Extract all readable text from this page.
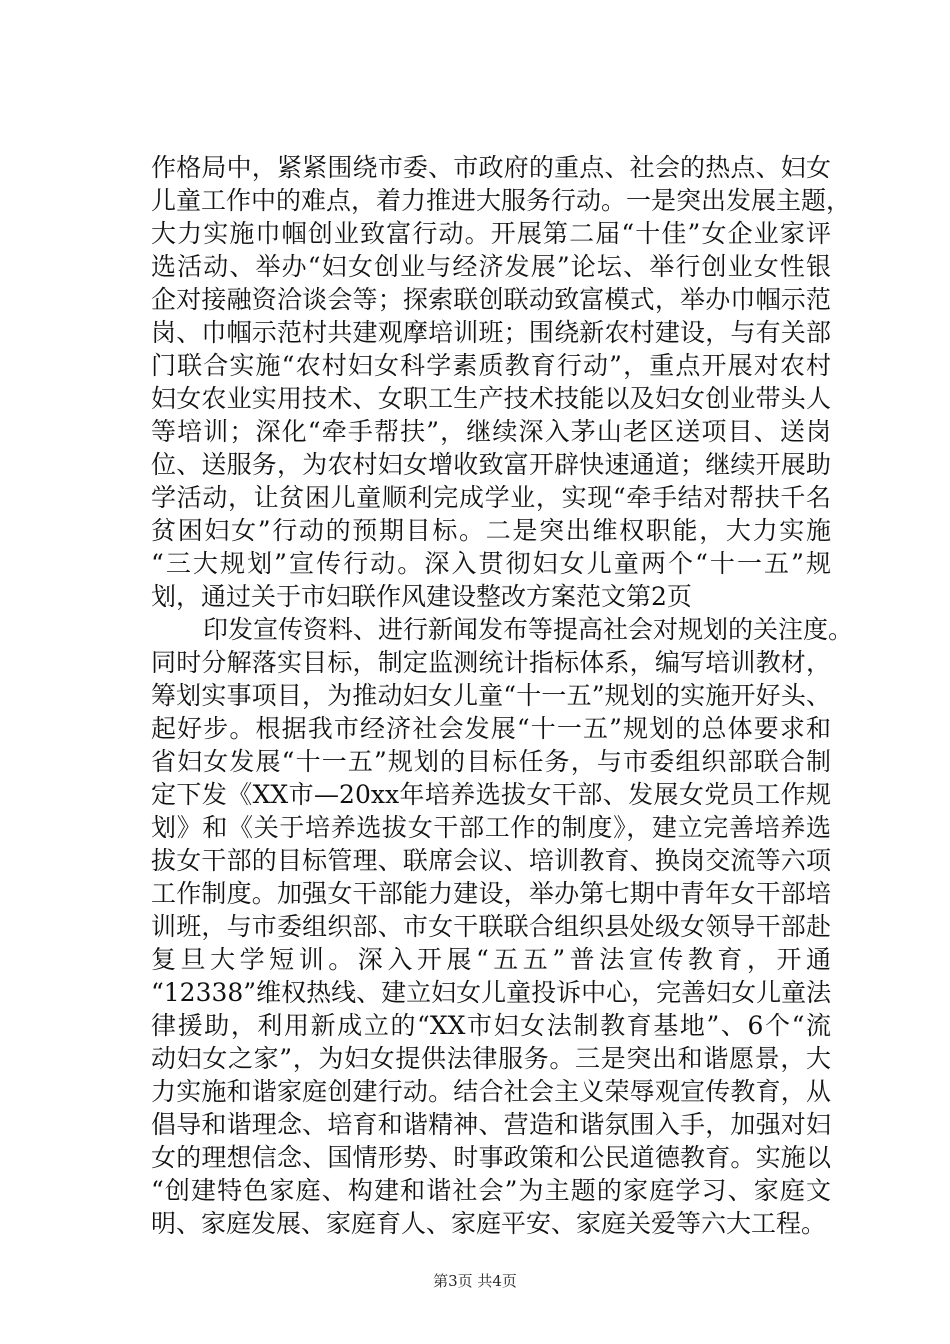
作格局中，紧紧围绕市委、市政府的重点、社会的热点、妇女
儿童工作中的难点，着力推进大服务行动。一是突出发展主题，
大力实施巾帼创业致富行动。开展第二届“十佳”女企业家评
选活动、举办“妇女创业与经济发展”论坛、举行创业女性银
企对接融资洽谈会等；探索联创联动致富模式，举办巾帼示范
岗、巾帼示范村共建观摩培训班；围绕新农村建设，与有关部
门联合实施“农村妇女科学素质教育行动”，重点开展对农村
妇女农业实用技术、女职工生产技术技能以及妇女创业带头人
等培训；深化“牵手帮扶”，继续深入茅山老区送项目、送岗
位、送服务，为农村妇女增收致富开辟快速通道；继续开展助
学活动，让贫困儿童顺利完成学业，实现“牵手结对帮扶千名
贫困妇女”行动的预期目标。二是突出维权职能，大力实施
“三大规划”宣传行动。深入贯彻妇女儿童两个“十一五”规
划，通过关于市妇联作风建设整改方案范文第2页
印发宣传资料、进行新闻发布等提高社会对规划的关注度。
同时分解落实目标，制定监测统计指标体系，编写培训教材，
筹划实事项目，为推动妇女儿童“十一五”规划的实施开好头、
起好步。根据我市经济社会发展“十一五”规划的总体要求和
省妇女发展“十一五”规划的目标任务，与市委组织部联合制
定下发《XX市—20xx年培养选拔女干部、发展女党员工作规
划》和《关于培养选拔女干部工作的制度》，建立完善培养选
拔女干部的目标管理、联席会议、培训教育、换岗交流等六项
工作制度。加强女干部能力建设，举办第七期中青年女干部培
训班，与市委组织部、市女干联联合组织县处级女领导干部赴
复旦大学短训。深入开展“五五”普法宣传教育，开通
“12338”维权热线、建立妇女儿童投诉中心，完善妇女儿童法
律援助，利用新成立的“XX市妇女法制教育基地”、6个“流
动妇女之家”，为妇女提供法律服务。三是突出和谐愿景，大
力实施和谐家庭创建行动。结合社会主义荣辱观宣传教育，从
倡导和谐理念、培育和谐精神、营造和谐氛围入手，加强对妇
女的理想信念、国情形势、时事政策和公民道德教育。实施以
“创建特色家庭、构建和谐社会”为主题的家庭学习、家庭文
明、家庭发展、家庭育人、家庭平安、家庭关爱等六大工程。
第3页 共4页
